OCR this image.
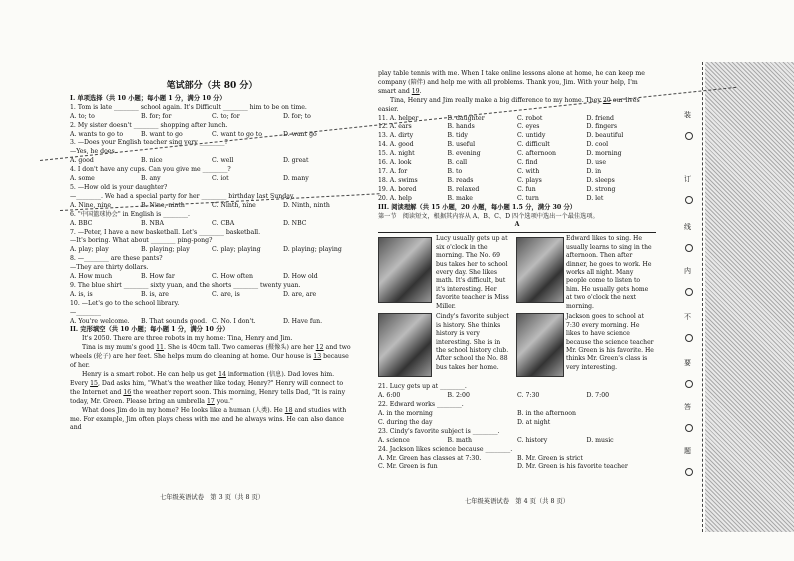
笔试部分（共 80 分）
I. 单项选择（共 10 小题；每小题 1 分，满分 10 分）
1. Tom is late ________ school again. It's Difficult ________ him to be on time.
A. to; to	B. for; for	C. to; for	D. for; to
2. My sister doesn't ________ shopping after lunch.
A. wants to go to	B. want to go	C. want to go to	D. want go
3. —Does your English teacher sing very ________?
—Yes, he does.
A. good	B. nice	C. well	D. great
4. I don't have any cups. Can you give me ________?
A. some	B. any	C. iot	D. many
5. —How old is your daughter?
—________. We had a special party for her ________ birthday last Sunday.
A. Nine, nine	B. Nine, ninth	C. Ninth, nine	D. Ninth, ninth
6. "中国篮球协会" in English is ________.
A. BBC	B. NBA	C. CBA	D. NBC
7. —Peter, I have a new basketball. Let's ________ basketball.
—It's boring. What about ________ ping-pong?
A. play; play	B. playing; play	C. play; playing	D. playing; playing
8. —________ are these pants?
—They are thirty dollars.
A. How much	B. How far	C. How often	D. How old
9. The blue shirt ________ sixty yuan, and the shorts ________ twenty yuan.
A. is, is	B. is, are	C. are, is	D. are, are
10. —Let's go to the school library.
—________
A. You're welcome.	B. That sounds good. C. No. I don't.	D. Have fun.
II. 完形填空（共 10 小题；每小题 1 分，满分 10 分）
It's 2050. There are three robots in my home: Tina, Henry and Jim.
Tina is my mum's good 11. She is 40cm tall. Two cameras (摄像头) are her 12 and two wheels (轮子) are her feet. She helps mum do cleaning at home. Our house is 13 because of her.
Henry is a smart robot. He can help us get 14 information (信息). Dad loves him. Every 15, Dad asks him, "What's the weather like today, Henry?" Henry will connect to the Internet and 16 the weather report soon. This morning, Henry tells Dad, "It is rainy today, Mr. Green. Please bring an umbrella 17 you."
What does Jim do in my home? He looks like a human (人类). He 18 and studies with me. For example, Jim often plays chess with me and he always wins. He can also dance and
七年级英语试卷　第 3 页（共 8 页）
play table tennis with me. When I take online lessons alone at home, he can keep me company (陪伴) and help me with all problems. Thank you, Jim. With your help, I'm smart and 19.
Tina, Henry and Jim really make a big difference to my home. They 20 our lives easier.
11. A. helper	B. daughter	C. robot	D. friend
12. A. ears	B. hands	C. eyes	D. fingers
13. A. dirty	B. tidy	C. untidy	D. beautiful
14. A. good	B. useful	C. difficult	D. cool
15. A. night	B. evening	C. afternoon	D. morning
16. A. look	B. call	C. find	D. use
17. A. for	B. to	C. with	D. in
18. A. swims	B. reads	C. plays	D. sleeps
19. A. bored	B. relaxed	C. fun	D. strong
20. A. help	B. make	C. turn	D. let
III. 阅读理解（共 15 小题，20 小题，每小题 1.5 分，满分 30 分）
第一节　阅读短文，根据其内容从 A、B、C、D 四个选项中选出一个最佳选项。
A
Lucy usually gets up at six o'clock in the morning. The No. 69 bus takes her to school every day. She likes math. It's difficult, but it's interesting. Her favorite teacher is Miss Miller.
Edward likes to sing. He usually learns to sing in the afternoon. Then after dinner, he goes to work. He works all night. Many people come to listen to him. He usually gets home at two o'clock the next morning.
Cindy's favorite subject is history. She thinks history is very interesting. She is in the school history club. After school the No. 88 bus takes her home.
Jackson goes to school at 7:30 every morning. He likes to have science because the science teacher Mr. Green is his favorite. He thinks Mr. Green's class is very interesting.
21. Lucy gets up at ________.
A. 6:00	B. 2:00	C. 7:30	D. 7:00
22. Edward works ________.
A. in the morning	B. in the afternoon
C. during the day	D. at night
23. Cindy's favorite subject is ________.
A. science	B. math	C. history	D. music
24. Jackson likes science because ________.
A. Mr. Green has classes at 7:30.	B. Mr. Green is strict
C. Mr. Green is fun	D. Mr. Green is his favorite teacher
七年级英语试卷　第 4 页（共 8 页）
装
订
线
内
不
要
答
题
